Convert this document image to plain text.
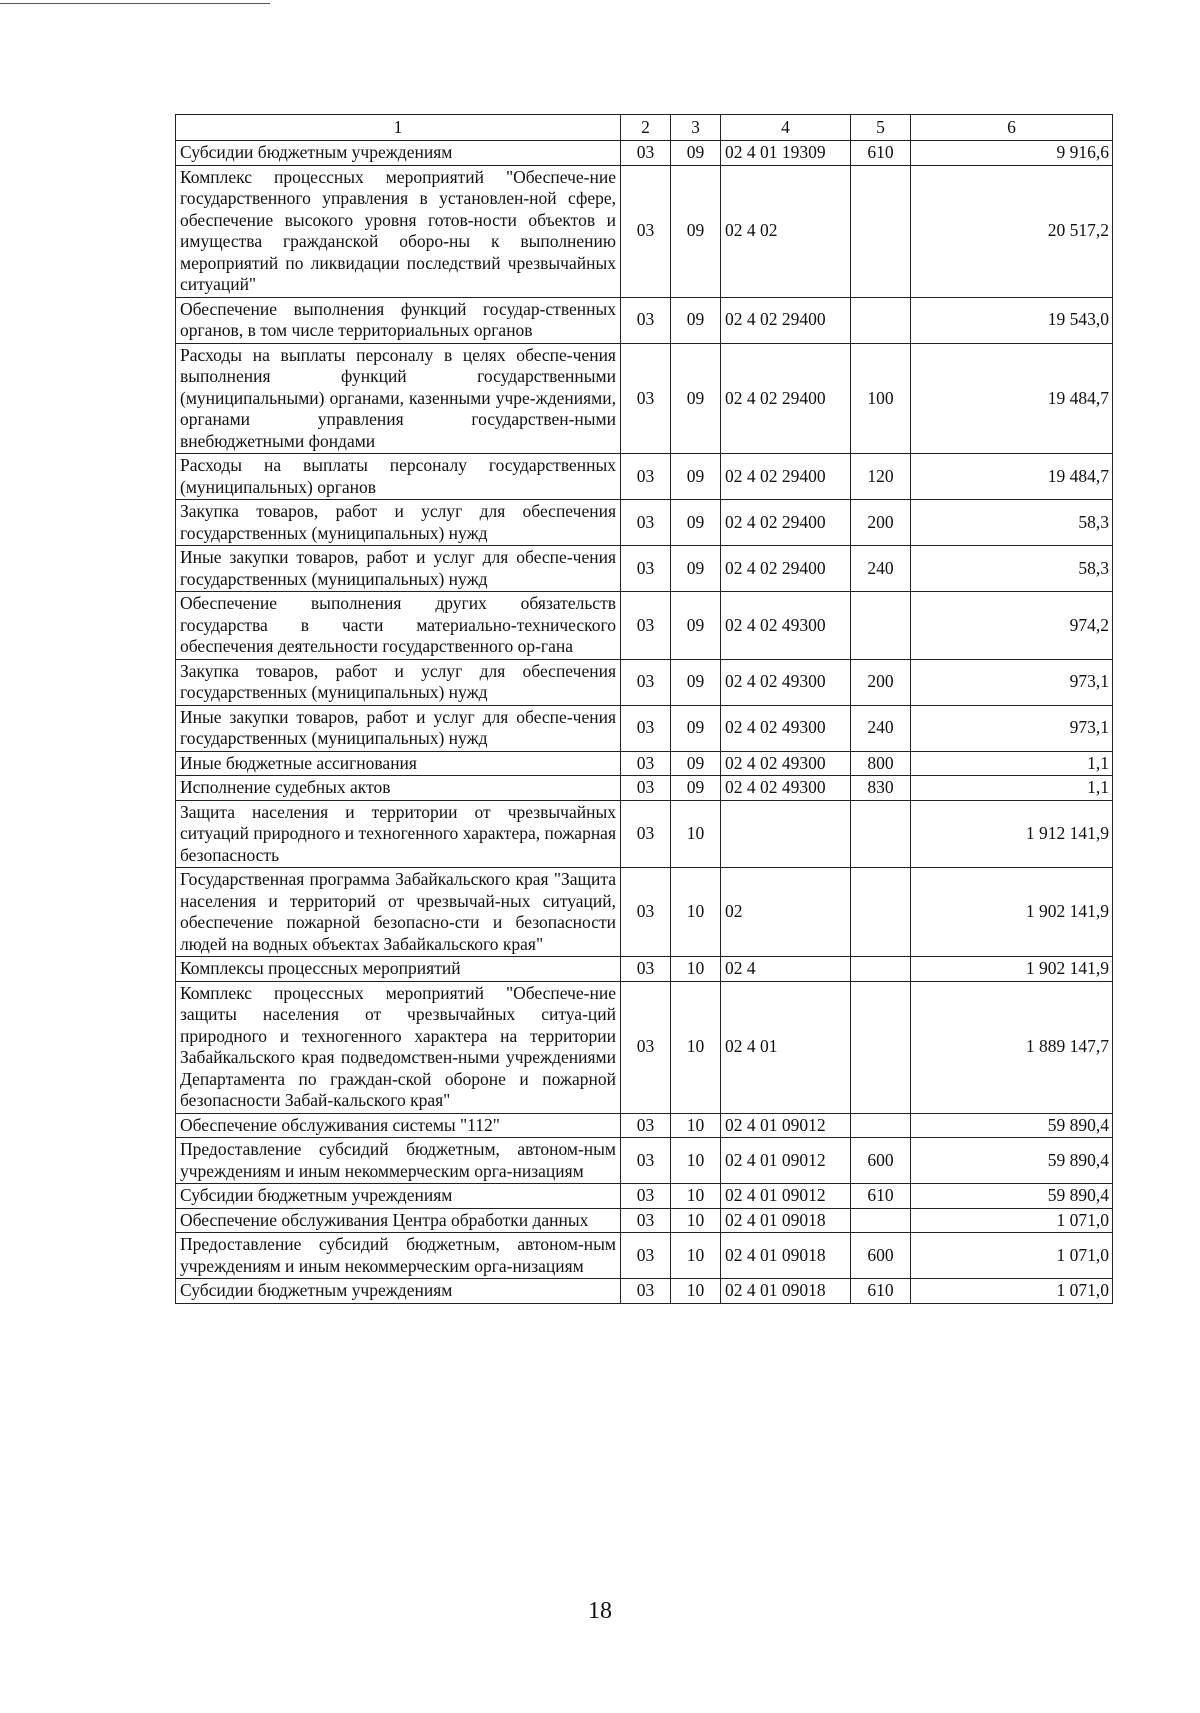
1	2	3	4	5	6
Субсидии бюджетным учреждениям	03	09	02 4 01 19309	610	9 916,6
Комплекс процессных мероприятий "Обеспече-ние государственного управления в установлен-ной сфере, обеспечение высокого уровня готов-ности объектов и имущества гражданской оборо-ны к выполнению мероприятий по ликвидации последствий чрезвычайных ситуаций"	03	09	02 4 02		20 517,2
Обеспечение выполнения функций государ-ственных органов, в том числе территориальных органов	03	09	02 4 02 29400		19 543,0
Расходы на выплаты персоналу в целях обеспе-чения выполнения функций государственными (муниципальными) органами, казенными учре-ждениями, органами управления государствен-ными внебюджетными фондами	03	09	02 4 02 29400	100	19 484,7
Расходы на выплаты персоналу государственных (муниципальных) органов	03	09	02 4 02 29400	120	19 484,7
Закупка товаров, работ и услуг для обеспечения государственных (муниципальных) нужд	03	09	02 4 02 29400	200	58,3
Иные закупки товаров, работ и услуг для обеспе-чения государственных (муниципальных) нужд	03	09	02 4 02 29400	240	58,3
Обеспечение выполнения других обязательств государства в части материально-технического обеспечения деятельности государственного ор-гана	03	09	02 4 02 49300		974,2
Закупка товаров, работ и услуг для обеспечения государственных (муниципальных) нужд	03	09	02 4 02 49300	200	973,1
Иные закупки товаров, работ и услуг для обеспе-чения государственных (муниципальных) нужд	03	09	02 4 02 49300	240	973,1
Иные бюджетные ассигнования	03	09	02 4 02 49300	800	1,1
Исполнение судебных актов	03	09	02 4 02 49300	830	1,1
Защита населения и территории от чрезвычайных ситуаций природного и техногенного характера, пожарная безопасность	03	10			1 912 141,9
Государственная программа Забайкальского края "Защита населения и территорий от чрезвычай-ных ситуаций, обеспечение пожарной безопасно-сти и безопасности людей на водных объектах Забайкальского края"	03	10	02		1 902 141,9
Комплексы процессных мероприятий	03	10	02 4		1 902 141,9
Комплекс процессных мероприятий "Обеспече-ние защиты населения от чрезвычайных ситуа-ций природного и техногенного характера на территории Забайкальского края подведомствен-ными учреждениями Департамента по граждан-ской обороне и пожарной безопасности Забай-кальского края"	03	10	02 4 01		1 889 147,7
Обеспечение обслуживания системы "112"	03	10	02 4 01 09012		59 890,4
Предоставление субсидий бюджетным, автоном-ным учреждениям и иным некоммерческим орга-низациям	03	10	02 4 01 09012	600	59 890,4
Субсидии бюджетным учреждениям	03	10	02 4 01 09012	610	59 890,4
Обеспечение обслуживания Центра обработки данных	03	10	02 4 01 09018		1 071,0
Предоставление субсидий бюджетным, автоном-ным учреждениям и иным некоммерческим орга-низациям	03	10	02 4 01 09018	600	1 071,0
Субсидии бюджетным учреждениям	03	10	02 4 01 09018	610	1 071,0
18
